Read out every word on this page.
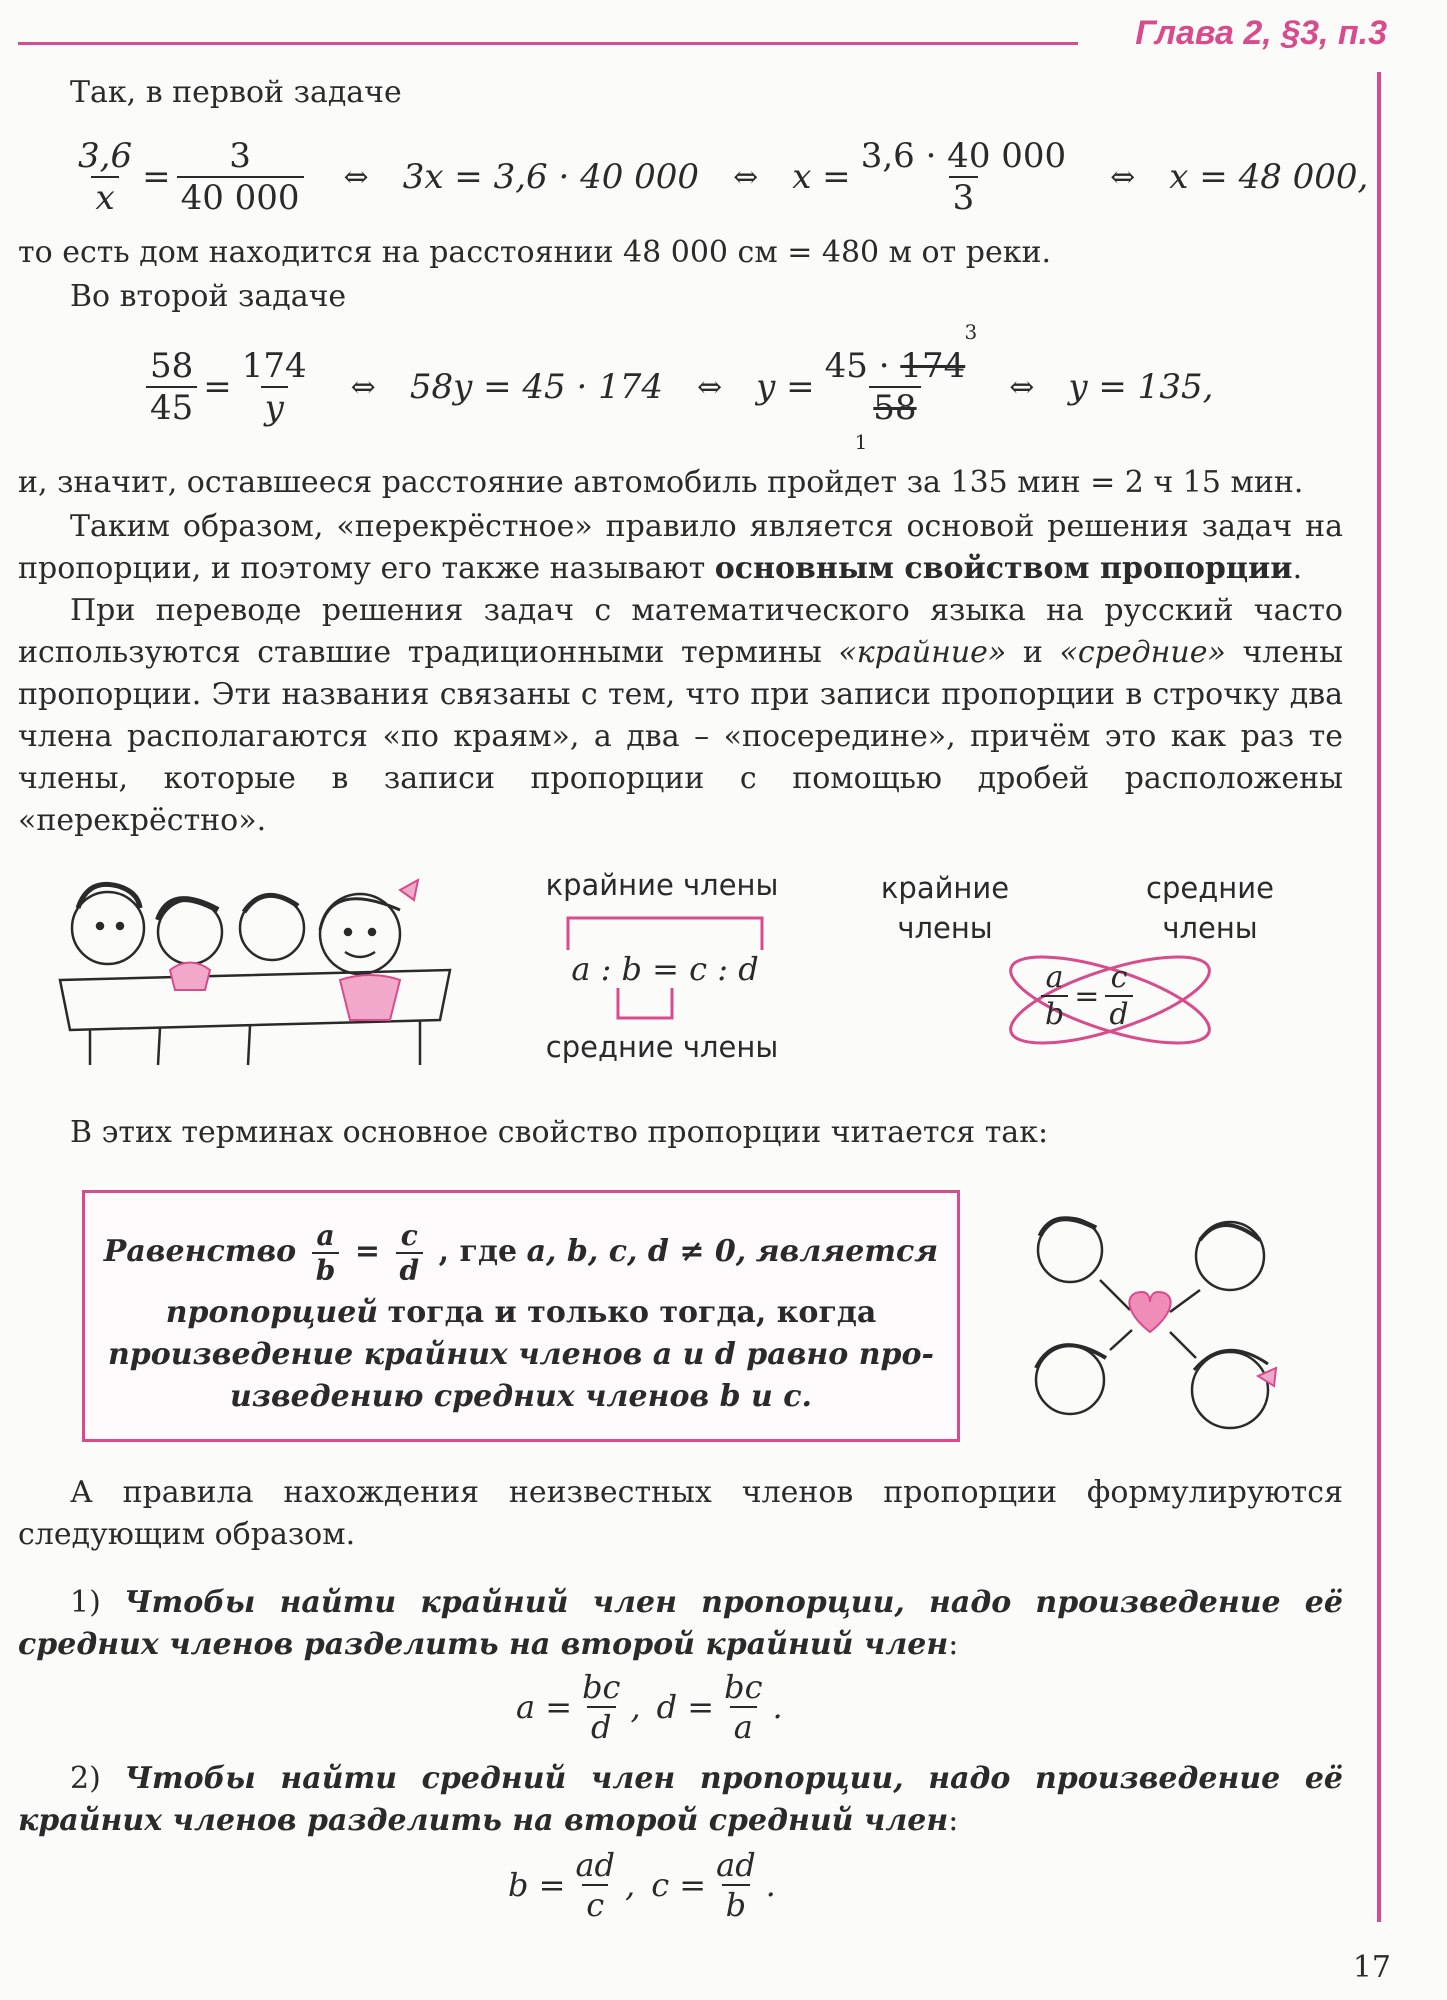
Глава 2, §3, п.3
Так, в первой задаче
$\frac{3,6}{x} = \frac{3}{40 000}$ ⇔ 3x = 3,6 · 40 000 ⇔ $x = \frac{3,6 \cdot 40 000}{3}$ ⇔ x = 48 000,
то есть дом находится на расстоянии 48 000 см = 480 м от реки.
Во второй задаче
$\frac{58}{45} = \frac{174}{y}$ ⇔ 58y = 45 · 174 ⇔ y =
45 · 174
58
3
1
⇔ y = 135,
и, значит, оставшееся расстояние автомобиль пройдет за 135 мин = 2 ч 15 мин.
Таким образом, «перекрёстное» правило является основой решения задач на пропорции, и поэтому его также называют основным свойством пропорции.
При переводе решения задач с математического языка на русский часто используются ставшие традиционными термины «крайние» и «средние» члены пропорции. Эти названия связаны с тем, что при записи пропорции в строчку два члена располагаются «по краям», а два – «посередине», причём это как раз те члены, которые в записи пропорции с помощью дробей расположены «перекрёстно».
крайние члены
a : b = c : d
средние члены
крайние
члены
средние
члены
$\frac{a}{b} = \frac{c}{d}$
В этих терминах основное свойство пропорции читается так:
Равенство $\frac{a}{b} = \frac{c}{d}$ , где a, b, c, d ≠ 0, является
пропорцией тогда и только тогда, когда
произведение крайних членов a и d равно про-
изведению средних членов b и c.
А правила нахождения неизвестных членов пропорции формулируются следующим образом.
1) Чтобы найти крайний член пропорции, надо произведение её средних членов разделить на второй крайний член:
$a = \frac{bc}{d}$ , $d = \frac{bc}{a}$ .
2) Чтобы найти средний член пропорции, надо произведение её крайних членов разделить на второй средний член:
$b = \frac{ad}{c}$ , $c = \frac{ad}{b}$ .
17
